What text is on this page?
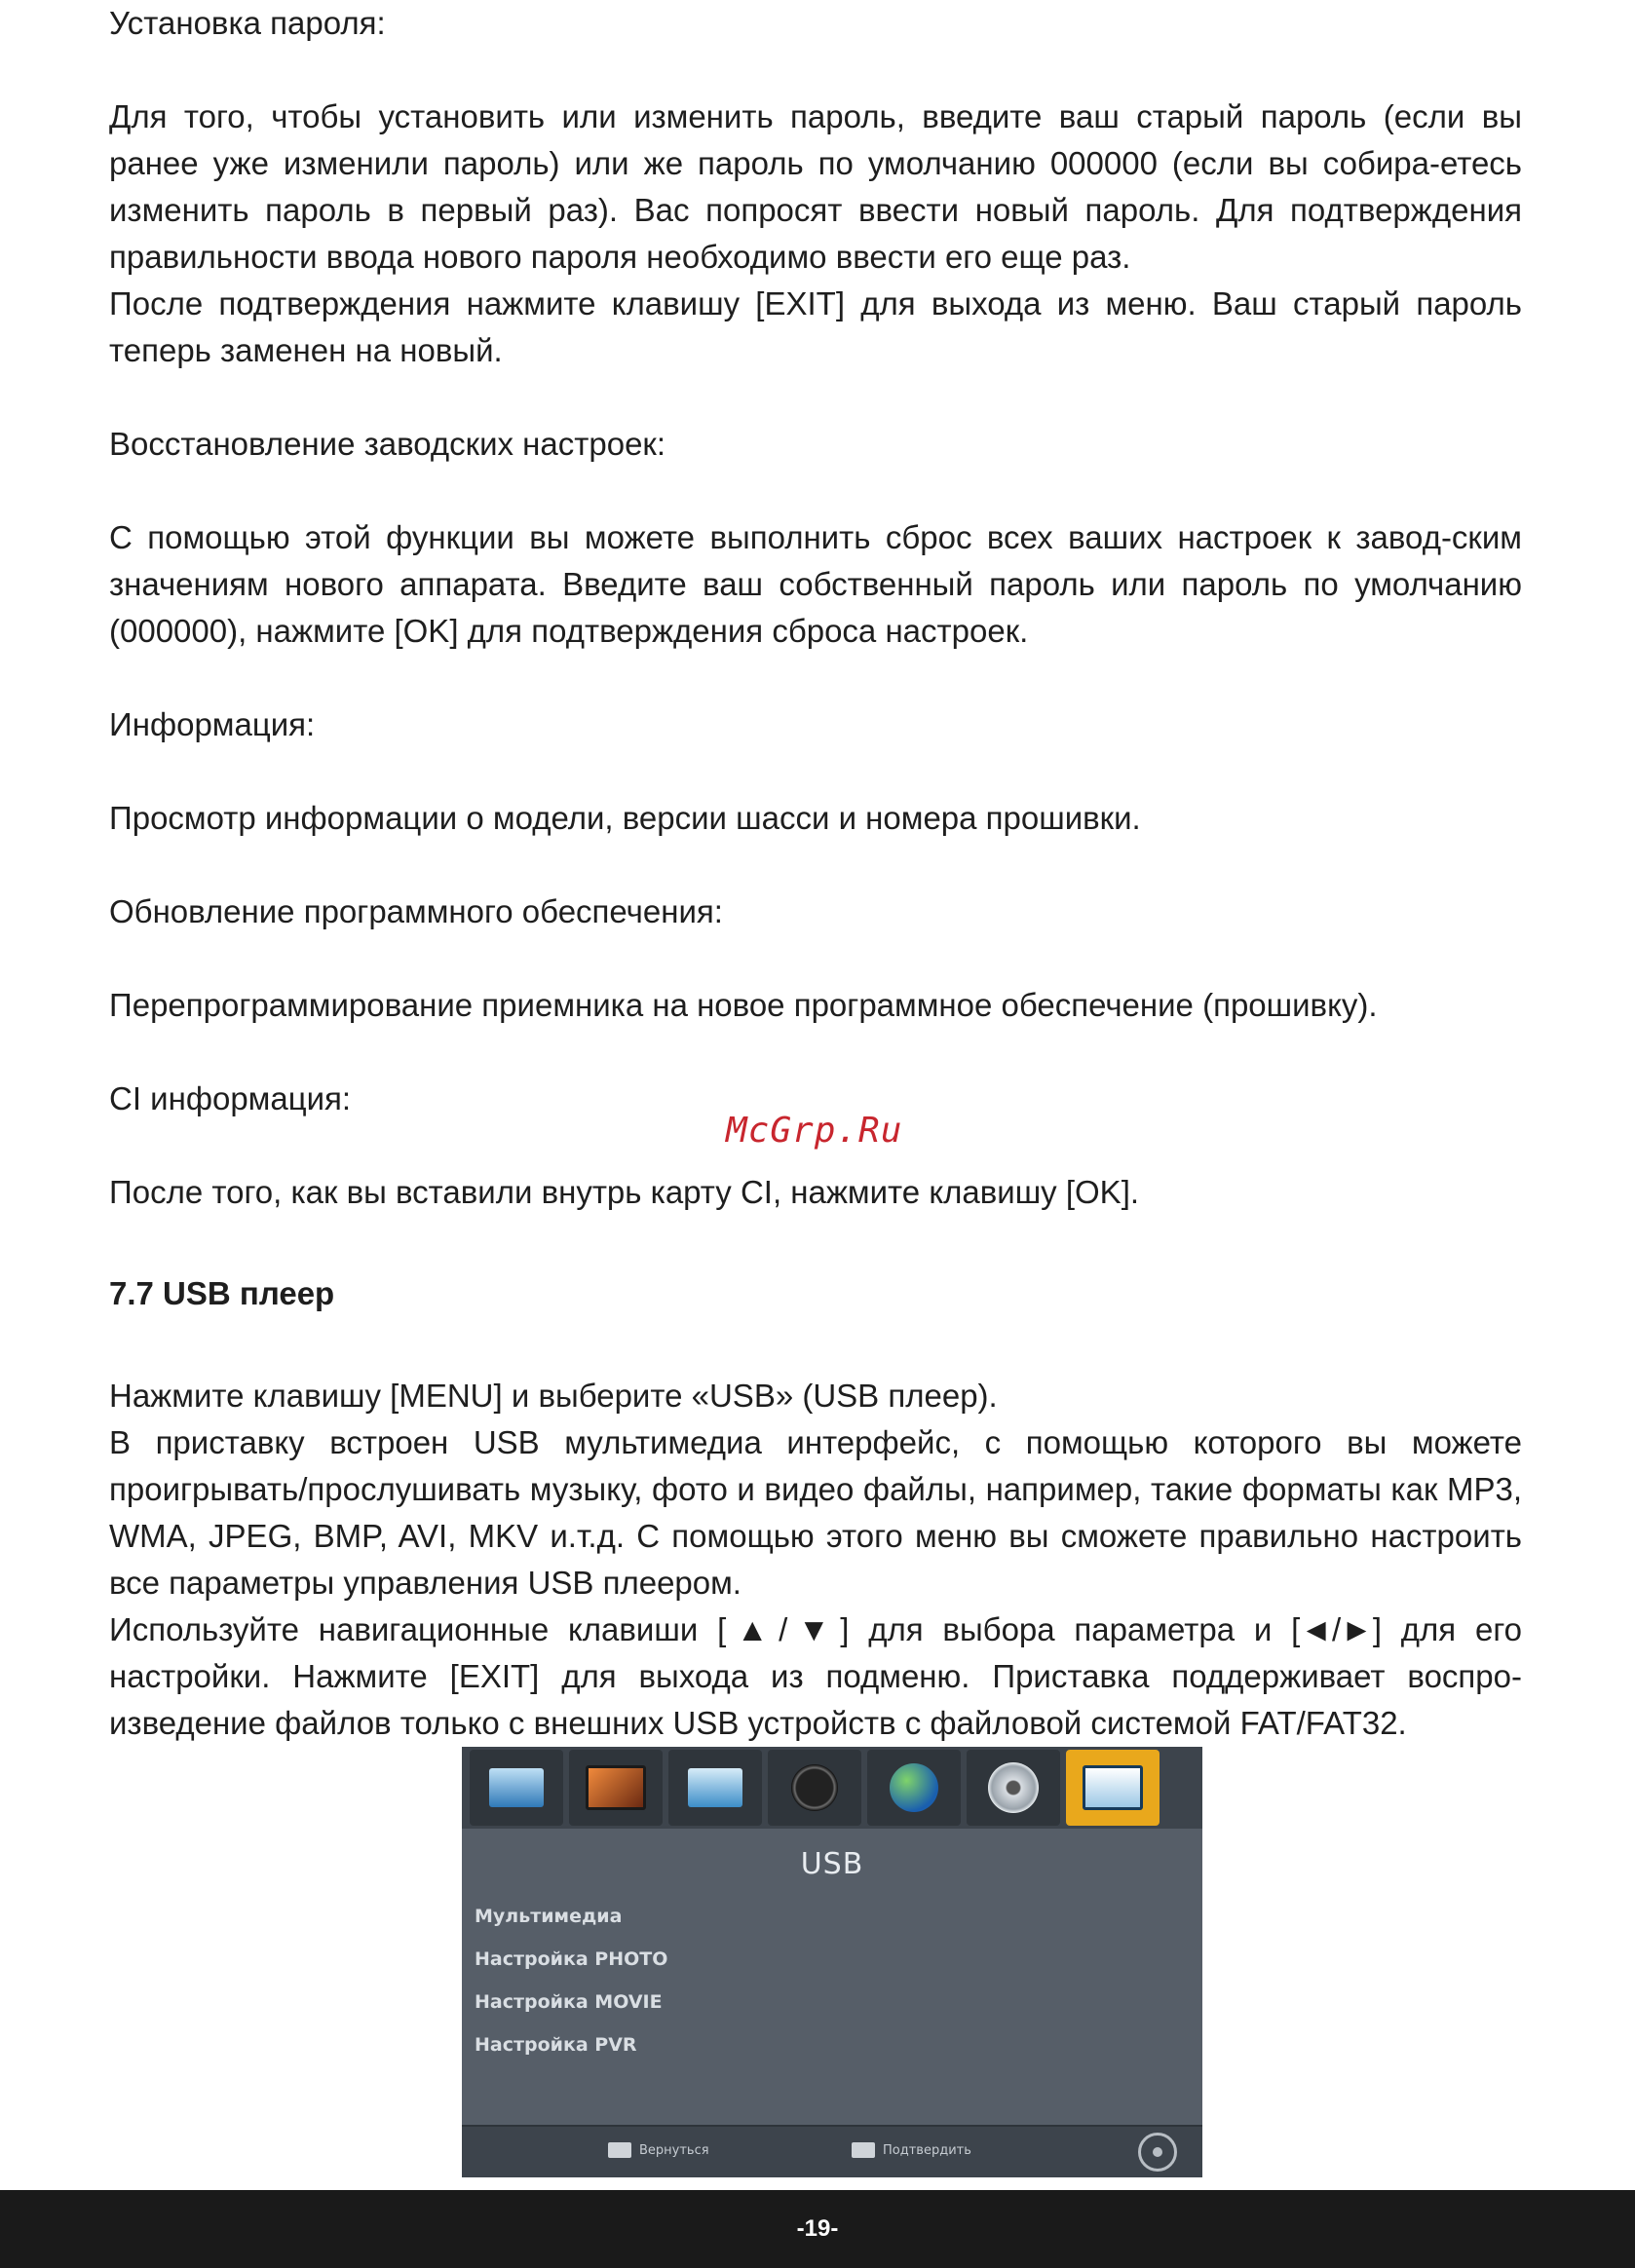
Установка пароля:

Для того, чтобы установить или изменить пароль, введите ваш старый пароль (если вы ранее уже изменили пароль) или же пароль по умолчанию 000000 (если вы собира-етесь изменить пароль в первый раз). Вас попросят ввести новый пароль. Для подтверждения правильности ввода нового пароля необходимо ввести его еще раз.

После подтверждения нажмите клавишу [EXIT] для выхода из меню. Ваш старый пароль теперь заменен на новый.

Восстановление заводских настроек:

С помощью этой функции вы можете выполнить сброс всех ваших настроек к завод-ским значениям нового аппарата. Введите ваш собственный пароль или пароль по умолчанию (000000), нажмите [OK] для подтверждения сброса настроек.

Информация:

Просмотр информации о модели, версии шасси и номера прошивки.

Обновление программного обеспечения:

Перепрограммирование приемника на новое программное обеспечение (прошивку).

CI информация:

После того, как вы вставили внутрь карту CI, нажмите клавишу [OK].

7.7 USB плеер

Нажмите клавишу [MENU] и выберите «USB» (USB плеер).

В приставку встроен USB мультимедиа интерфейс, с помощью которого вы можете проигрывать/прослушивать музыку, фото и видео файлы, например, такие форматы как MP3, WMA, JPEG, BMP, AVI, MKV и.т.д. С помощью этого меню вы сможете правильно настроить все параметры управления USB плеером.

Используйте навигационные клавиши [▲/▼] для выбора параметра и [◄/►] для его настройки. Нажмите [EXIT] для выхода из подменю. Приставка поддерживает воспро-изведение файлов только с внешних USB устройств с файловой системой FAT/FAT32.

McGrp.Ru
USB
Мультимедиа
Настройка PHOTO
Настройка MOVIE
Настройка PVR
Вернуться	Подтвердить
-19-
